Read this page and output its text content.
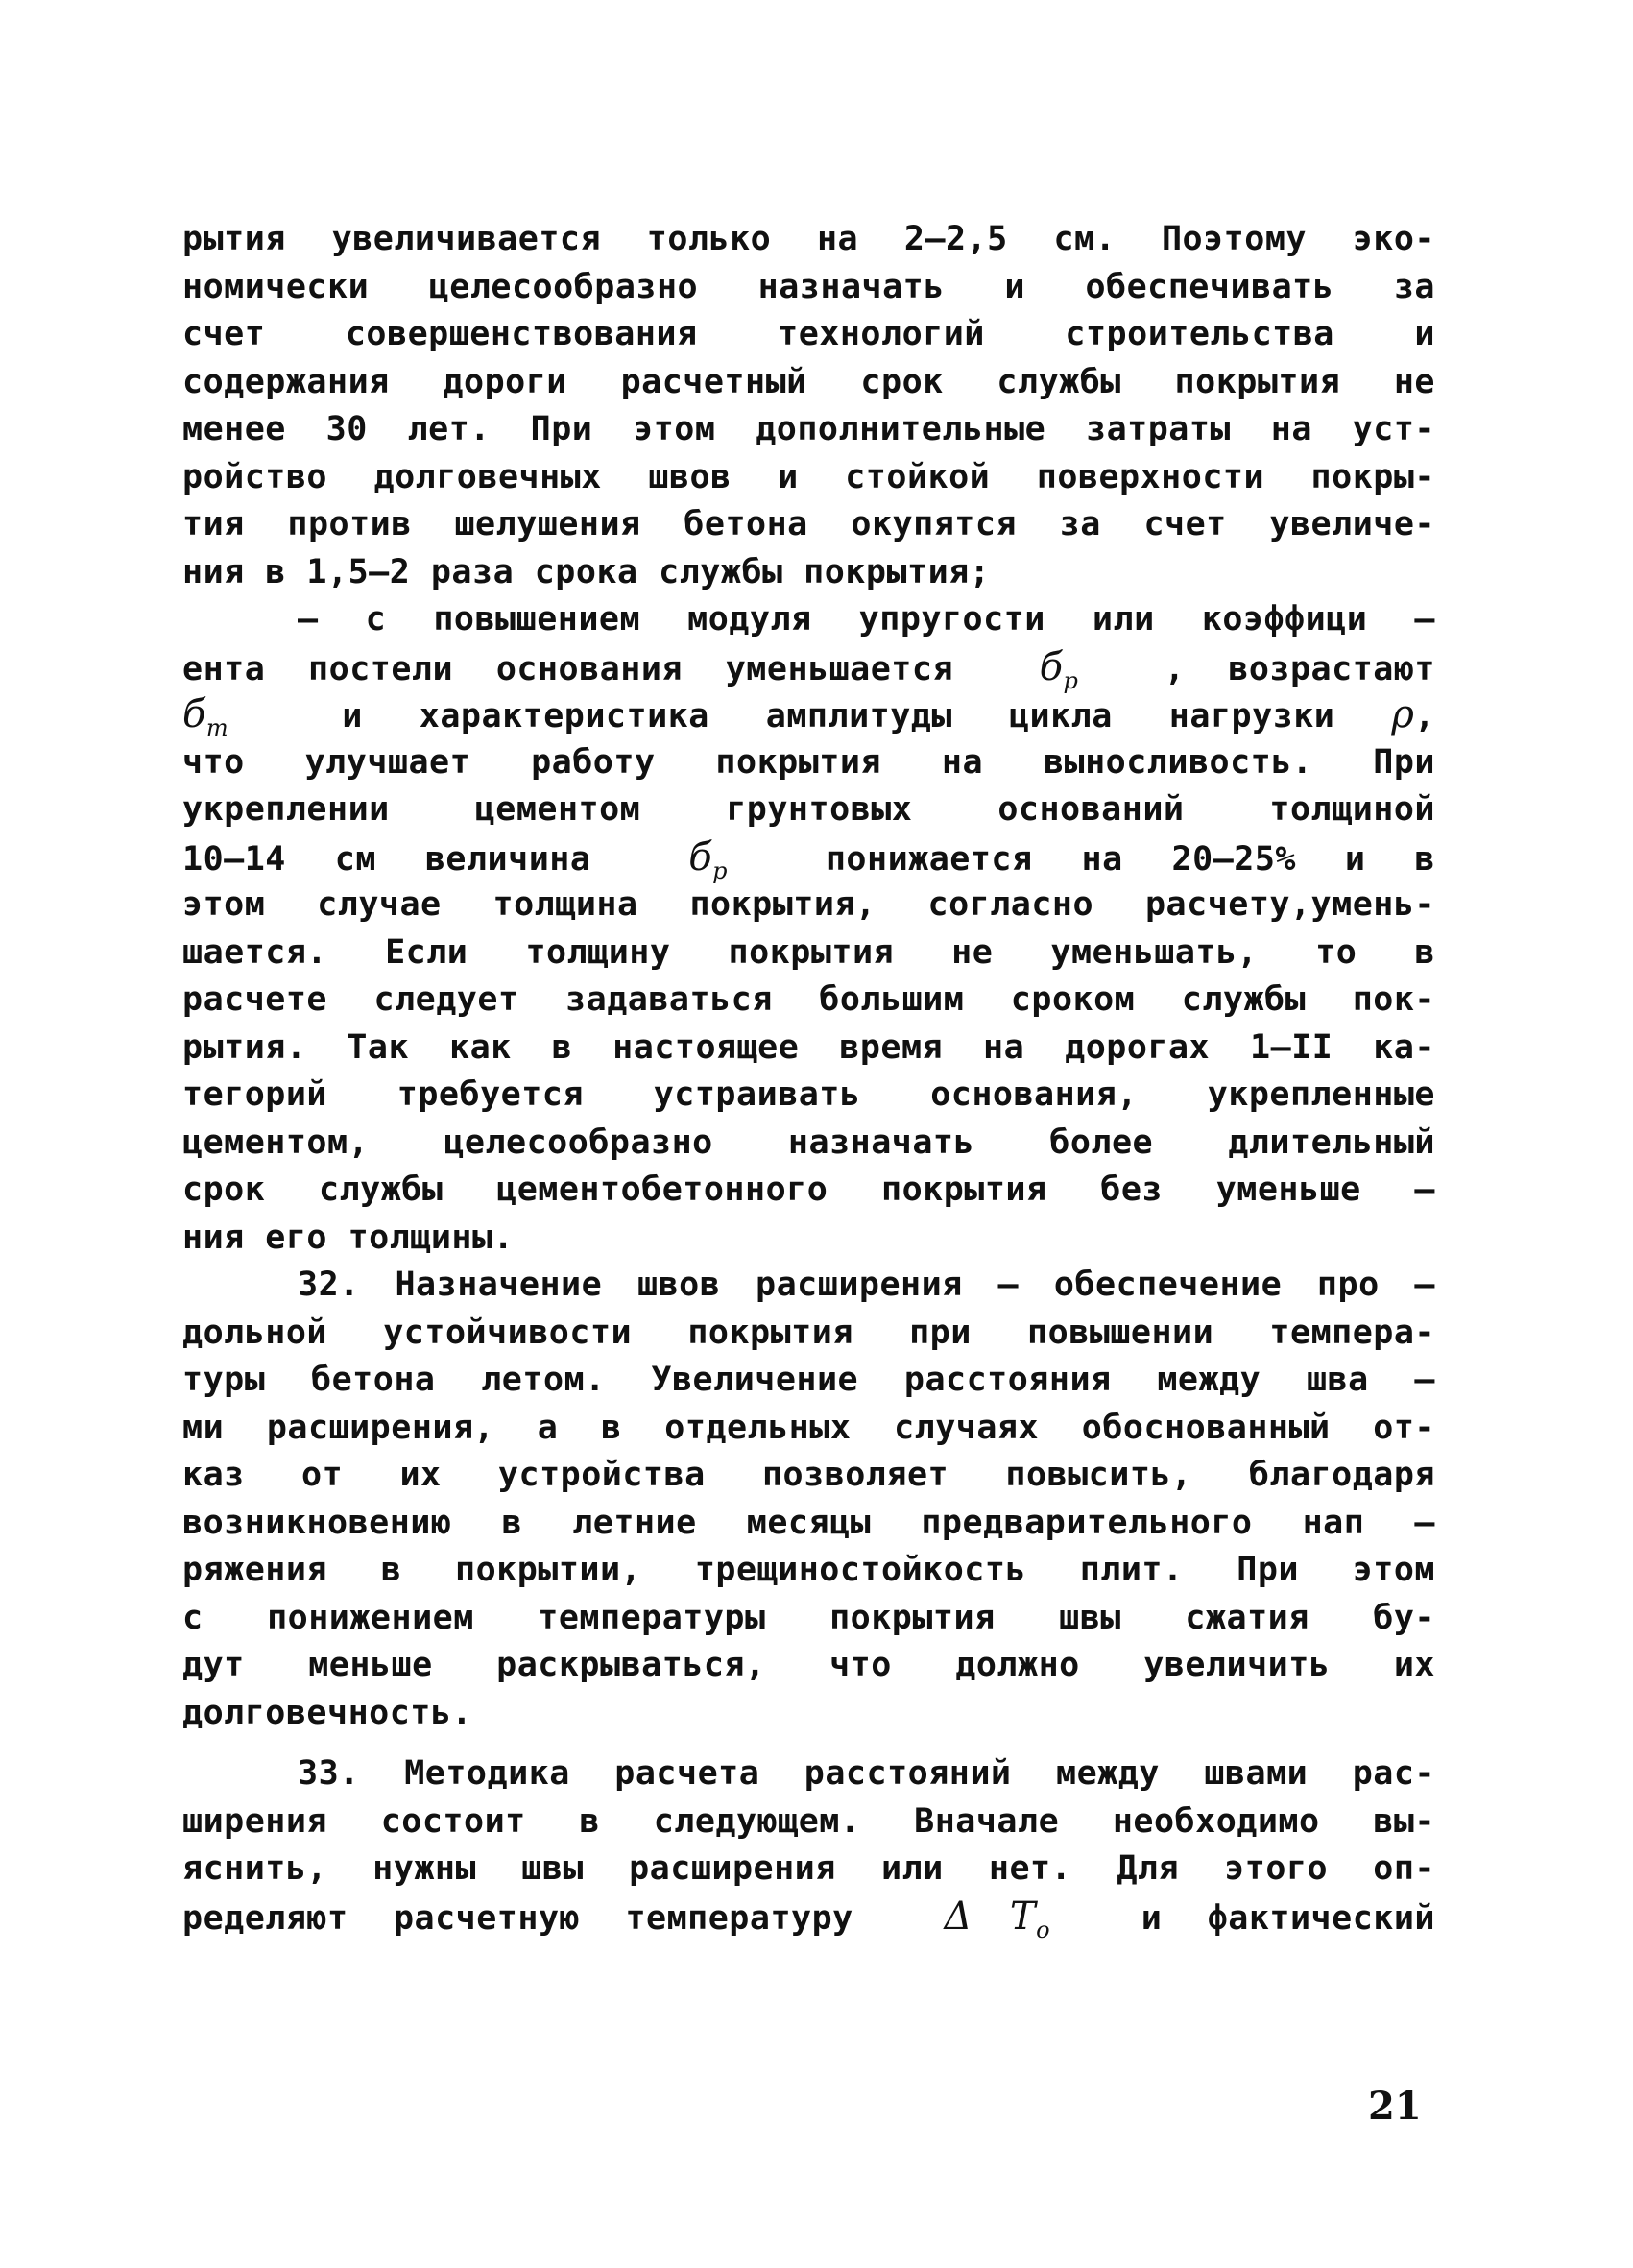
рытия увеличивается только на 2–2,5 см. Поэтому эко-
номически целесообразно назначать и обеспечивать за
счет совершенствования технологий строительства и
содержания дороги расчетный срок службы покрытия не
менее 30 лет. При этом дополнительные затраты на уст-
ройство долговечных швов и стойкой поверхности покры-
тия против шелушения бетона окупятся за счет увеличе-
ния в 1,5–2 раза срока службы покрытия;
– с повышением модуля упругости или коэффици –
ента постели основания уменьшается $б_р$	, возрастают
$б_т$	и характеристика амплитуды цикла нагрузки ρ,
что улучшает работу покрытия на выносливость. При
укреплении цементом грунтовых оснований толщиной
10–14 см величина	$б_р$	понижается на 20–25% и в
этом случае толщина покрытия, согласно расчету,умень-
шается. Если толщину покрытия не уменьшать, то в
расчете следует задаваться большим сроком службы пок-
рытия. Так как в настоящее время на дорогах 1–II ка-
тегорий требуется устраивать основания, укрепленные
цементом, целесообразно назначать более длительный
срок службы цементобетонного покрытия без уменьше –
ния его толщины.
32. Назначение швов расширения – обеспечение про –
дольной устойчивости покрытия при повышении темпера-
туры бетона летом. Увеличение расстояния между шва –
ми расширения, а в отдельных случаях обоснованный от-
каз от их устройства позволяет повысить, благодаря
возникновению в летние месяцы предварительного нап –
ряжения в покрытии, трещиностойкость плит. При этом
с понижением температуры покрытия швы сжатия бу-
дут меньше раскрываться, что должно увеличить их
долговечность.
33. Методика расчета расстояний между швами рас-
ширения состоит в следующем. Вначале необходимо вы-
яснить, нужны швы расширения или нет. Для этого оп-
ределяют расчетную температуру Δ $T_o$	и фактический
21
